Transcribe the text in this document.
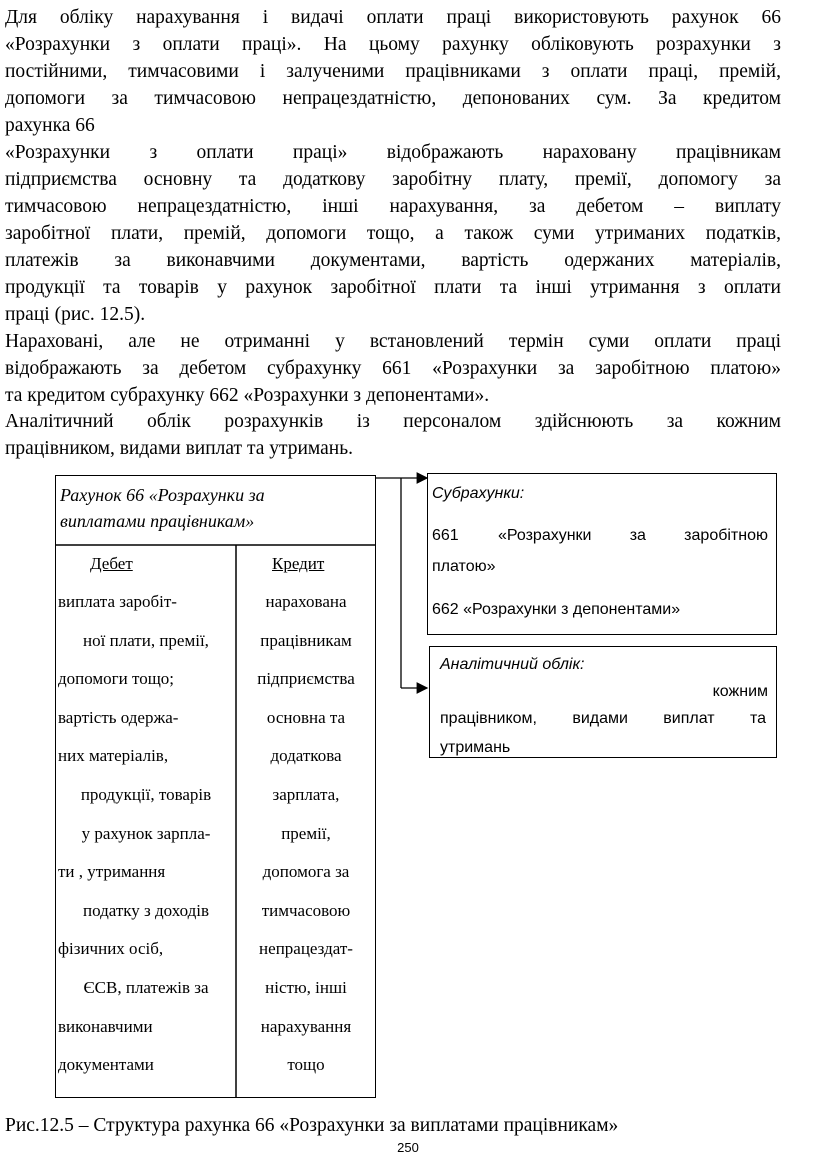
Для обліку нарахування і видачі оплати праці використовують рахунок 66
«Розрахунки з оплати праці». На цьому рахунку обліковують розрахунки з
постійними, тимчасовими і залученими працівниками з оплати праці, премій,
допомоги за тимчасовою непрацездатністю, депонованих сум. За кредитом
рахунка 66

«Розрахунки з оплати праці» відображають нараховану працівникам
підприємства основну та додаткову заробітну плату, премії, допомогу за
тимчасовою непрацездатністю, інші нарахування, за дебетом – виплату
заробітної плати, премій, допомоги тощо, а також суми утриманих податків,
платежів за виконавчими документами, вартість одержаних матеріалів,
продукції та товарів у рахунок заробітної плати та інші утримання з оплати
праці (рис. 12.5).

Нараховані, але не отриманні у встановлений термін суми оплати праці
відображають за дебетом субрахунку 661 «Розрахунки за заробітною платою»
та кредитом субрахунку 662 «Розрахунки з депонентами».

Аналітичний облік розрахунків із персоналом здійснюють за кожним
працівником, видами виплат та утримань.

Рахунок 66 «Розрахунки за
виплатами працівникам»
Дебет	Кредит
виплата заробіт-
ної плати, премії,
допомоги тощо;
вартість одержа-
них матеріалів,
продукції, товарів
у рахунок зарпла-
ти , утримання
податку з доходів
фізичних осіб,
ЄСВ, платежів за
виконавчими
документами
нарахована
працівникам
підприємства
основна та
додаткова
зарплата,
премії,
допомога за
тимчасовою
непрацездат-
ністю, інші
нарахування
тощо
Субрахунки:
661 «Розрахунки за заробітною
платою»
662 «Розрахунки з депонентами»
Аналітичний облік:
кожним
працівником, видами виплат та
утримань
Рис.12.5 – Структура рахунка 66 «Розрахунки за виплатами працівникам»
250
